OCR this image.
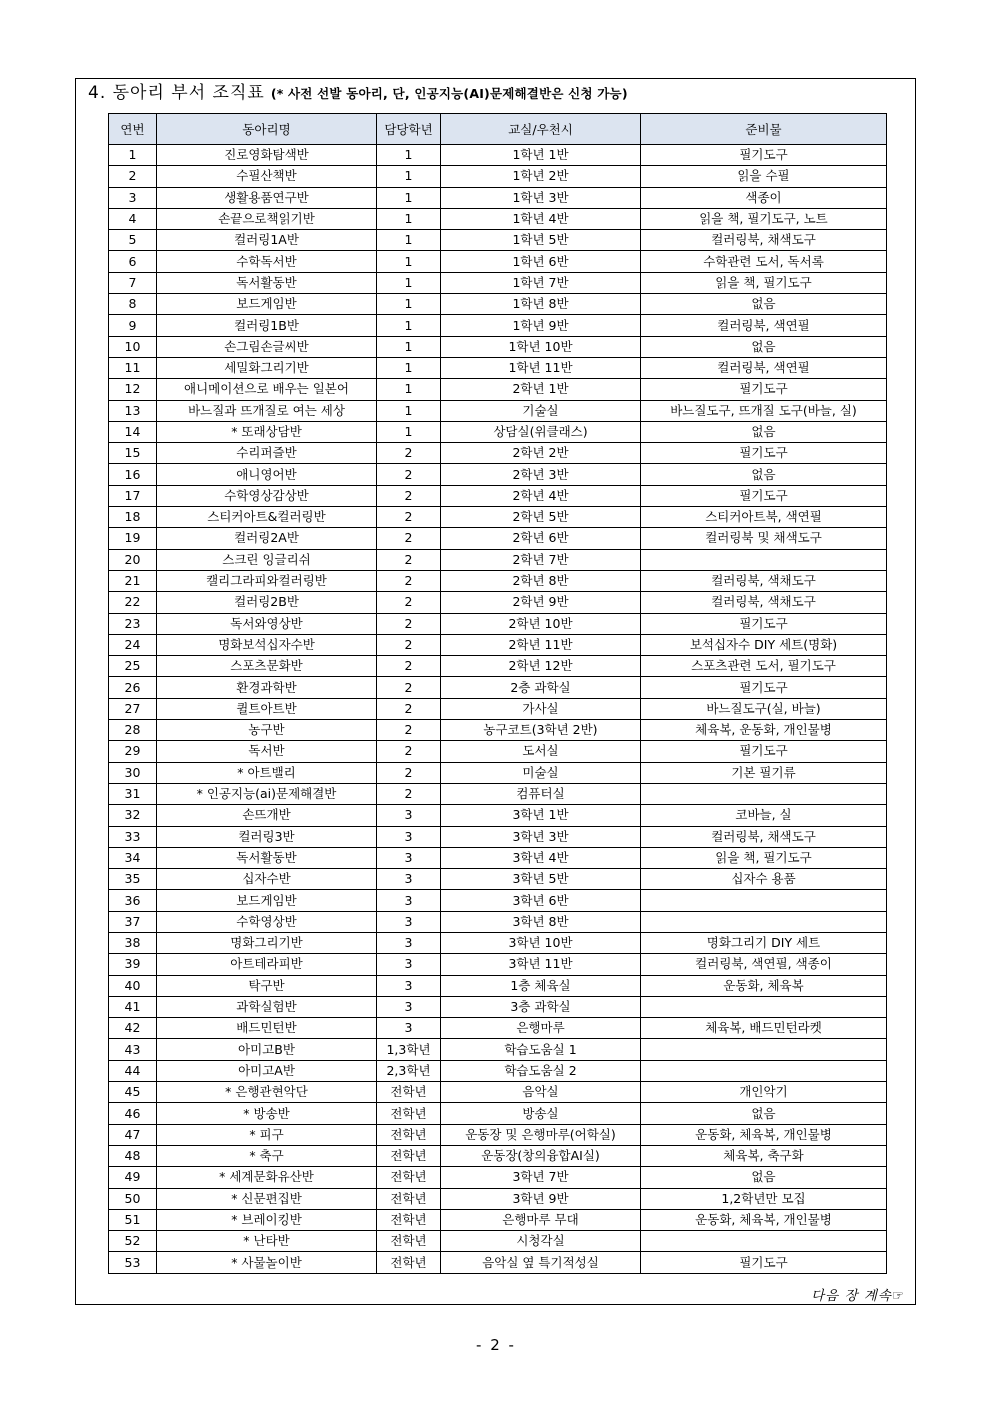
4. 동아리 부서 조직표 (* 사전 선발 동아리, 단, 인공지능(AI)문제해결반은 신청 가능)
연번	동아리명	담당학년	교실/우천시	준비물
1	진로영화탐색반	1	1학년 1반	필기도구
2	수필산책반	1	1학년 2반	읽을 수필
3	생활용품연구반	1	1학년 3반	색종이
4	손끝으로책읽기반	1	1학년 4반	읽을 책, 필기도구, 노트
5	컬러링1A반	1	1학년 5반	컬러링북, 채색도구
6	수학독서반	1	1학년 6반	수학관련 도서, 독서록
7	독서활동반	1	1학년 7반	읽을 책, 필기도구
8	보드게임반	1	1학년 8반	없음
9	컬러링1B반	1	1학년 9반	컬러링북, 색연필
10	손그림손글씨반	1	1학년 10반	없음
11	세밀화그리기반	1	1학년 11반	컬러링북, 색연필
12	애니메이션으로 배우는 일본어	1	2학년 1반	필기도구
13	바느질과 뜨개질로 여는 세상	1	기술실	바느질도구, 뜨개질 도구(바늘, 실)
14	* 또래상담반	1	상담실(위클래스)	없음
15	수리퍼즐반	2	2학년 2반	필기도구
16	애니영어반	2	2학년 3반	없음
17	수학영상감상반	2	2학년 4반	필기도구
18	스티커아트&컬러링반	2	2학년 5반	스티커아트북, 색연필
19	컬러링2A반	2	2학년 6반	컬러링북 및 채색도구
20	스크린 잉글리쉬	2	2학년 7반	
21	캘리그라피와컬러링반	2	2학년 8반	컬러링북, 색채도구
22	컬러링2B반	2	2학년 9반	컬러링북, 색채도구
23	독서와영상반	2	2학년 10반	필기도구
24	명화보석십자수반	2	2학년 11반	보석십자수 DIY 세트(명화)
25	스포츠문화반	2	2학년 12반	스포츠관련 도서, 필기도구
26	환경과학반	2	2층 과학실	필기도구
27	퀼트아트반	2	가사실	바느질도구(실, 바늘)
28	농구반	2	농구코트(3학년 2반)	체육복, 운동화, 개인물병
29	독서반	2	도서실	필기도구
30	* 아트밸리	2	미술실	기본 필기류
31	* 인공지능(ai)문제해결반	2	컴퓨터실	
32	손뜨개반	3	3학년 1반	코바늘, 실
33	컬러링3반	3	3학년 3반	컬러링북, 채색도구
34	독서활동반	3	3학년 4반	읽을 책, 필기도구
35	십자수반	3	3학년 5반	십자수 용품
36	보드게임반	3	3학년 6반	
37	수학영상반	3	3학년 8반	
38	명화그리기반	3	3학년 10반	명화그리기 DIY 세트
39	아트테라피반	3	3학년 11반	컬러링북, 색연필, 색종이
40	탁구반	3	1층 체육실	운동화, 체육복
41	과학실험반	3	3층 과학실	
42	배드민턴반	3	은행마루	체육복, 배드민턴라켓
43	아미고B반	1,3학년	학습도움실 1	
44	아미고A반	2,3학년	학습도움실 2	
45	* 은행관현악단	전학년	음악실	개인악기
46	* 방송반	전학년	방송실	없음
47	* 피구	전학년	운동장 및 은행마루(어학실)	운동화, 체육복, 개인물병
48	* 축구	전학년	운동장(창의융합AI실)	체육복, 축구화
49	* 세계문화유산반	전학년	3학년 7반	없음
50	* 신문편집반	전학년	3학년 9반	1,2학년만 모집
51	* 브레이킹반	전학년	은행마루 무대	운동화, 체육복, 개인물병
52	* 난타반	전학년	시청각실	
53	* 사물놀이반	전학년	음악실 옆 특기적성실	필기도구
다음 장 계속☞
- 2 -
